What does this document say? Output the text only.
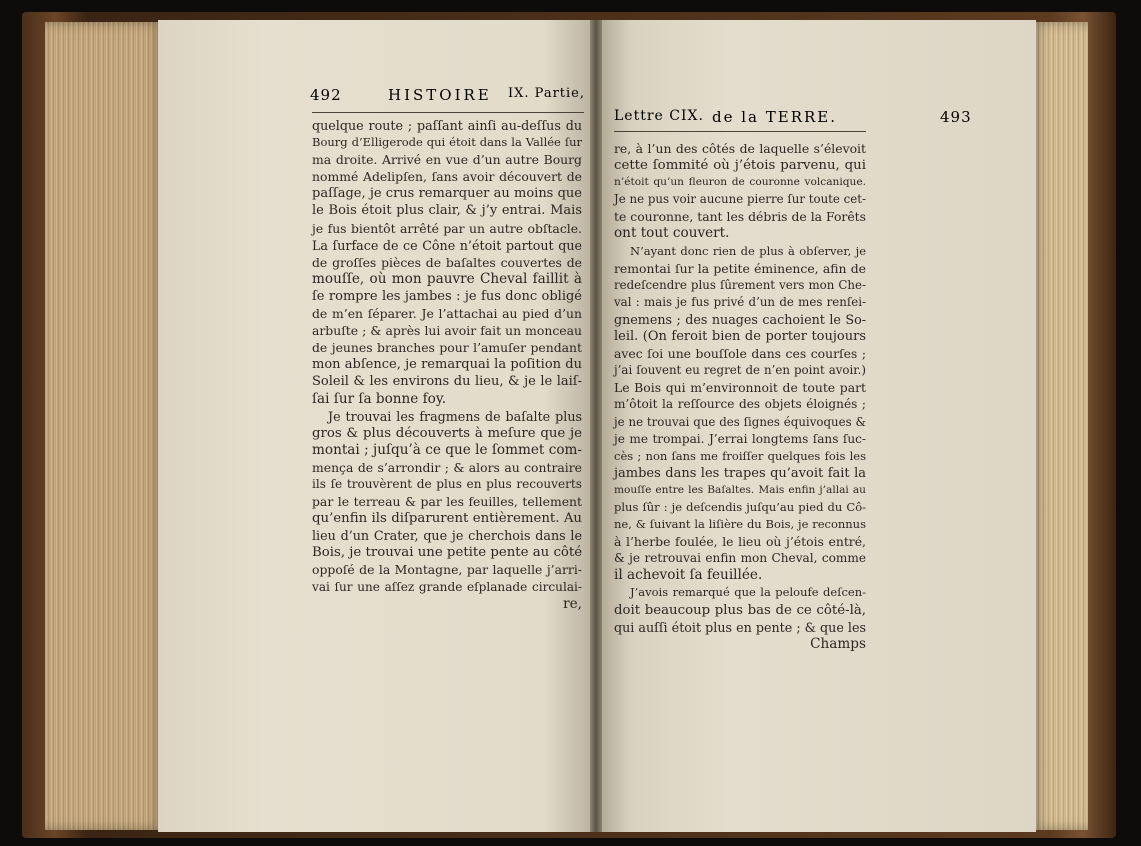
492	HISTOIRE IX. Partie,
Lettre CIX. de la TERRE.	493
quelque route ; paſſant ainſi au-deſſus du
Bourg d’Elligerode qui étoit dans la Vallée ſur
ma droite. Arrivé en vue d’un autre Bourg
nommé Adelipſen, ſans avoir découvert de
paſſage, je crus remarquer au moins que
le Bois étoit plus clair, & j’y entrai. Mais
je fus bientôt arrêté par un autre obſtacle.
La ſurface de ce Cône n’étoit partout que
de groſſes pièces de baſaltes couvertes de
mouſſe, où mon pauvre Cheval faillit à
ſe rompre les jambes : je fus donc obligé
de m’en ſéparer. Je l’attachai au pied d’un
arbuſte ; & après lui avoir fait un monceau
de jeunes branches pour l’amuſer pendant
mon abſence, je remarquai la poſition du
Soleil & les environs du lieu, & je le laiſ-
ſai ſur ſa bonne foy.
Je trouvai les fragmens de baſalte plus
gros & plus découverts à meſure que je
montai ; juſqu’à ce que le ſommet com-
mença de s’arrondir ; & alors au contraire
ils ſe trouvèrent de plus en plus recouverts
par le terreau & par les feuilles, tellement
qu’enfin ils diſparurent entièrement. Au
lieu d’un Crater, que je cherchois dans le
Bois, je trouvai une petite pente au côté
oppoſé de la Montagne, par laquelle j’arri-
vai ſur une aſſez grande eſplanade circulai-
re,
re, à l’un des côtés de laquelle s’élevoit
cette ſommité où j’étois parvenu, qui
n’étoit qu’un fleuron de couronne volcanique.
Je ne pus voir aucune pierre ſur toute cet-
te couronne, tant les débris de la Forêts
ont tout couvert.
N’ayant donc rien de plus à obſerver, je
remontai ſur la petite éminence, afin de
redeſcendre plus ſûrement vers mon Che-
val : mais je fus privé d’un de mes renſei-
gnemens ; des nuages cachoient le So-
leil. (On feroit bien de porter toujours
avec ſoi une bouſſole dans ces courſes ;
j’ai ſouvent eu regret de n’en point avoir.)
Le Bois qui m’environnoit de toute part
m’ôtoit la reſſource des objets éloignés ;
je ne trouvai que des ſignes équivoques &
je me trompai. J’errai longtems ſans ſuc-
cès ; non ſans me froiſſer quelques fois les
jambes dans les trapes qu’avoit fait la
mouſſe entre les Baſaltes. Mais enfin j’allai au
plus ſûr : je deſcendis juſqu’au pied du Cô-
ne, & ſuivant la liſière du Bois, je reconnus
à l’herbe foulée, le lieu où j’étois entré,
& je retrouvai enfin mon Cheval, comme
il achevoit ſa feuillée.
J’avois remarqué que la peloufe deſcen-
doit beaucoup plus bas de ce côté-là,
qui auſſi étoit plus en pente ; & que les
Champs
